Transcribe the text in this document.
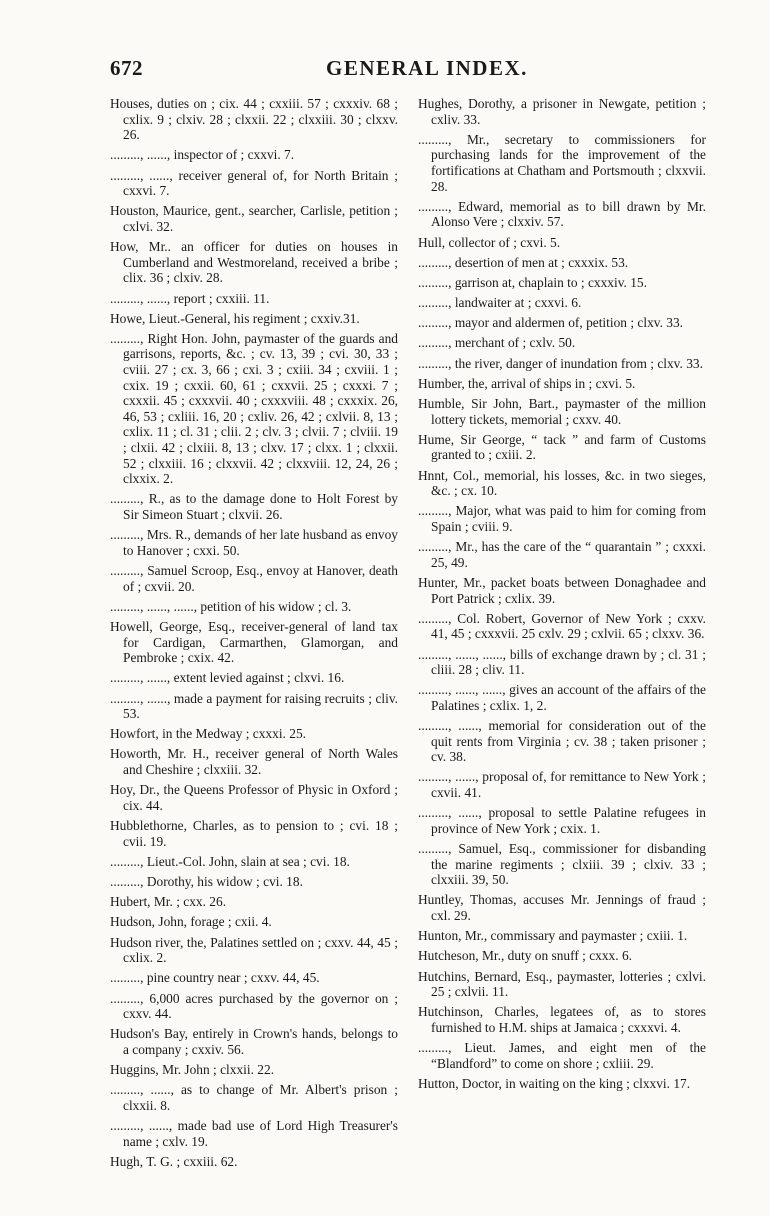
672	GENERAL INDEX.

Houses, duties on ; cix. 44 ; cxxiii. 57 ; cxxxiv. 68 ; cxlix. 9 ; clxiv. 28 ; clxxii. 22 ; clxxiii. 30 ; clxxv. 26.

........., ......, inspector of ; cxxvi. 7.

........., ......, receiver general of, for North Britain ; cxxvi. 7.

Houston, Maurice, gent., searcher, Carlisle, petition ; cxlvi. 32.

How, Mr.. an officer for duties on houses in Cumberland and Westmoreland, received a bribe ; clix. 36 ; clxiv. 28.

........., ......, report ; cxxiii. 11.

Howe, Lieut.-General, his regiment ; cxxiv.31.

........., Right Hon. John, paymaster of the guards and garrisons, reports, &c. ; cv. 13, 39 ; cvi. 30, 33 ; cviii. 27 ; cx. 3, 66 ; cxi. 3 ; cxiii. 34 ; cxviii. 1 ; cxix. 19 ; cxxii. 60, 61 ; cxxvii. 25 ; cxxxi. 7 ; cxxxii. 45 ; cxxxvii. 40 ; cxxxviii. 48 ; cxxxix. 26, 46, 53 ; cxliii. 16, 20 ; cxliv. 26, 42 ; cxlvii. 8, 13 ; cxlix. 11 ; cl. 31 ; clii. 2 ; clv. 3 ; clvii. 7 ; clviii. 19 ; clxii. 42 ; clxiii. 8, 13 ; clxv. 17 ; clxx. 1 ; clxxii. 52 ; clxxiii. 16 ; clxxvii. 42 ; clxxviii. 12, 24, 26 ; clxxix. 2.

........., R., as to the damage done to Holt Forest by Sir Simeon Stuart ; clxvii. 26.

........., Mrs. R., demands of her late husband as envoy to Hanover ; cxxi. 50.

........., Samuel Scroop, Esq., envoy at Hanover, death of ; cxvii. 20.

........., ......, ......, petition of his widow ; cl. 3.

Howell, George, Esq., receiver-general of land tax for Cardigan, Carmarthen, Glamorgan, and Pembroke ; cxix. 42.

........., ......, extent levied against ; clxvi. 16.

........., ......, made a payment for raising recruits ; cliv. 53.

Howfort, in the Medway ; cxxxi. 25.

Howorth, Mr. H., receiver general of North Wales and Cheshire ; clxxiii. 32.

Hoy, Dr., the Queens Professor of Physic in Oxford ; cix. 44.

Hubblethorne, Charles, as to pension to ; cvi. 18 ; cvii. 19.

........., Lieut.-Col. John, slain at sea ; cvi. 18.

........., Dorothy, his widow ; cvi. 18.

Hubert, Mr. ; cxx. 26.

Hudson, John, forage ; cxii. 4.

Hudson river, the, Palatines settled on ; cxxv. 44, 45 ; cxlix. 2.

........., pine country near ; cxxv. 44, 45.

........., 6,000 acres purchased by the governor on ; cxxv. 44.

Hudson's Bay, entirely in Crown's hands, belongs to a company ; cxxiv. 56.

Huggins, Mr. John ; clxxii. 22.

........., ......, as to change of Mr. Albert's prison ; clxxii. 8.

........., ......, made bad use of Lord High Treasurer's name ; cxlv. 19.

Hugh, T. G. ; cxxiii. 62.

Hughes, Dorothy, a prisoner in Newgate, petition ; cxliv. 33.

........., Mr., secretary to commissioners for purchasing lands for the improvement of the fortifications at Chatham and Portsmouth ; clxxvii. 28.

........., Edward, memorial as to bill drawn by Mr. Alonso Vere ; clxxiv. 57.

Hull, collector of ; cxvi. 5.

........., desertion of men at ; cxxxix. 53.

........., garrison at, chaplain to ; cxxxiv. 15.

........., landwaiter at ; cxxvi. 6.

........., mayor and aldermen of, petition ; clxv. 33.

........., merchant of ; cxlv. 50.

........., the river, danger of inundation from ; clxv. 33.

Humber, the, arrival of ships in ; cxvi. 5.

Humble, Sir John, Bart., paymaster of the million lottery tickets, memorial ; cxxv. 40.

Hume, Sir George, “ tack ” and farm of Customs granted to ; cxiii. 2.

Hnnt, Col., memorial, his losses, &c. in two sieges, &c. ; cx. 10.

........., Major, what was paid to him for coming from Spain ; cviii. 9.

........., Mr., has the care of the “ quarantain ” ; cxxxi. 25, 49.

Hunter, Mr., packet boats between Donaghadee and Port Patrick ; cxlix. 39.

........., Col. Robert, Governor of New York ; cxxv. 41, 45 ; cxxxvii. 25 cxlv. 29 ; cxlvii. 65 ; clxxv. 36.

........., ......, ......, bills of exchange drawn by ; cl. 31 ; cliii. 28 ; cliv. 11.

........., ......, ......, gives an account of the affairs of the Palatines ; cxlix. 1, 2.

........., ......, memorial for consideration out of the quit rents from Virginia ; cv. 38 ; taken prisoner ; cv. 38.

........., ......, proposal of, for remittance to New York ; cxvii. 41.

........., ......, proposal to settle Palatine refugees in province of New York ; cxix. 1.

........., Samuel, Esq., commissioner for disbanding the marine regiments ; clxiii. 39 ; clxiv. 33 ; clxxiii. 39, 50.

Huntley, Thomas, accuses Mr. Jennings of fraud ; cxl. 29.

Hunton, Mr., commissary and paymaster ; cxiii. 1.

Hutcheson, Mr., duty on snuff ; cxxx. 6.

Hutchins, Bernard, Esq., paymaster, lotteries ; cxlvi. 25 ; cxlvii. 11.

Hutchinson, Charles, legatees of, as to stores furnished to H.M. ships at Jamaica ; cxxxvi. 4.

........., Lieut. James, and eight men of the “Blandford” to come on shore ; cxliii. 29.

Hutton, Doctor, in waiting on the king ; clxxvi. 17.
